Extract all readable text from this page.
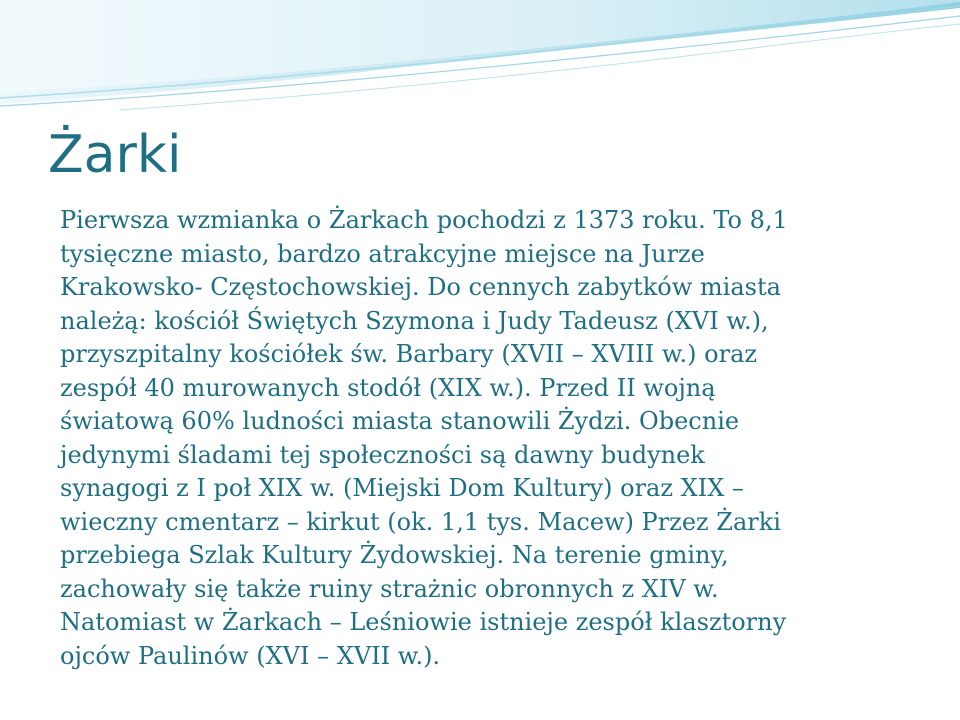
Żarki
Pierwsza wzmianka o Żarkach pochodzi z 1373 roku. To 8,1
tysięczne miasto, bardzo atrakcyjne miejsce na Jurze
Krakowsko- Częstochowskiej. Do cennych zabytków miasta
należą: kościół Świętych Szymona i Judy Tadeusz (XVI w.),
przyszpitalny kościółek św. Barbary (XVII – XVIII w.) oraz
zespół 40 murowanych stodół (XIX w.). Przed II wojną
światową 60% ludności miasta stanowili Żydzi. Obecnie
jedynymi śladami tej społeczności są dawny budynek
synagogi z I poł XIX w. (Miejski Dom Kultury) oraz XIX –
wieczny cmentarz – kirkut (ok. 1,1 tys. Macew) Przez Żarki
przebiega Szlak Kultury Żydowskiej. Na terenie gminy,
zachowały się także ruiny strażnic obronnych z XIV w.
Natomiast w Żarkach – Leśniowie istnieje zespół klasztorny
ojców Paulinów (XVI – XVII w.).
